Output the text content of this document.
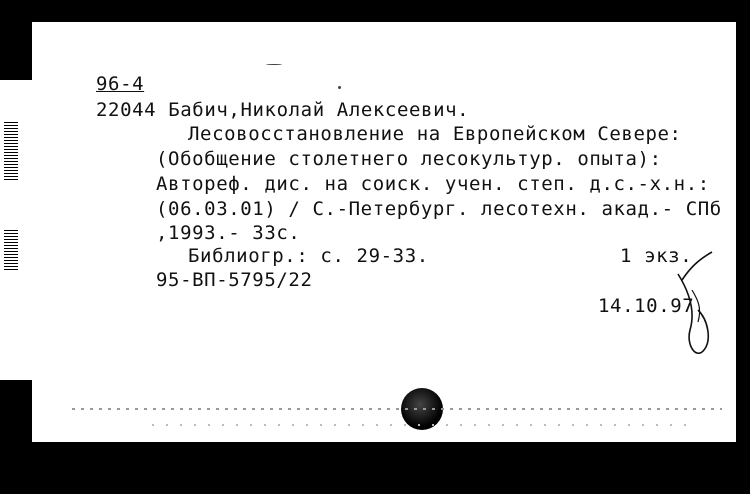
96-4
22044 Бабич,Николай Алексеевич.
Лесовосстановление на Европейском Севере:
(Обобщение столетнего лесокультур. опыта):
Автореф. дис. на соиск. учен. степ. д.с.-х.н.:
(06.03.01) / С.-Петербург. лесотехн. акад.- СПб
,1993.- 33с.
Библиогр.: с. 29-33.	1 экз.
95-ВП-5795/22
14.10.97
